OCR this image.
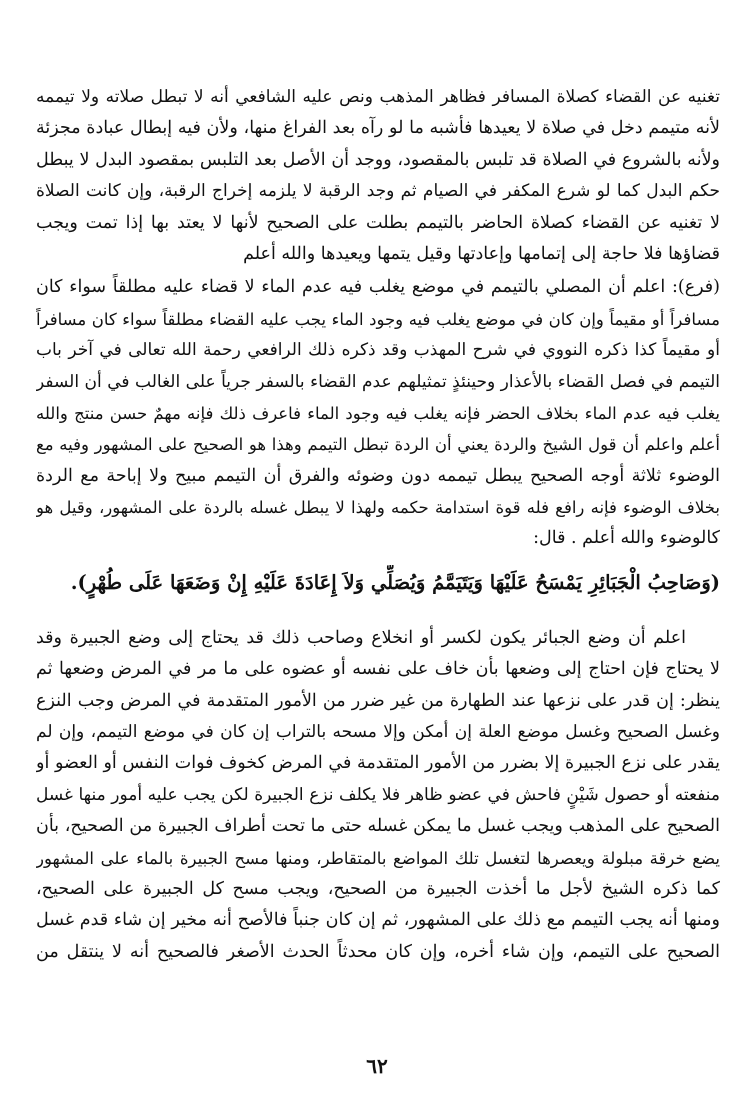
تغنيه عن القضاء كصلاة المسافر فظاهر المذهب ونص عليه الشافعي أنه لا تبطل صلاته ولا تيممه
لأنه متيمم دخل في صلاة لا يعيدها فأشبه ما لو رآه بعد الفراغ منها، ولأن فيه إبطال عبادة مجزئة
ولأنه بالشروع في الصلاة قد تلبس بالمقصود، ووجد أن الأصل بعد التلبس بمقصود البدل لا يبطل
حكم البدل كما لو شرع المكفر في الصيام ثم وجد الرقبة لا يلزمه إخراج الرقبة، وإن كانت الصلاة
لا تغنيه عن القضاء كصلاة الحاضر بالتيمم بطلت على الصحيح لأنها لا يعتد بها إذا تمت ويجب
قضاؤها فلا حاجة إلى إتمامها وإعادتها وقيل يتمها ويعيدها والله أعلم
(فرع): اعلم أن المصلي بالتيمم في موضع يغلب فيه عدم الماء لا قضاء عليه مطلقاً سواء كان
مسافراً أو مقيماً وإن كان في موضع يغلب فيه وجود الماء يجب عليه القضاء مطلقاً سواء كان مسافراً
أو مقيماً كذا ذكره النووي في شرح المهذب وقد ذكره ذلك الرافعي رحمة الله تعالى في آخر باب
التيمم في فصل القضاء بالأعذار وحينئذٍ تمثيلهم عدم القضاء بالسفر جرياً على الغالب في أن السفر
يغلب فيه عدم الماء بخلاف الحضر فإنه يغلب فيه وجود الماء فاعرف ذلك فإنه مهمٌ حسن منتج والله
أعلم واعلم أن قول الشيخ والردة يعني أن الردة تبطل التيمم وهذا هو الصحيح على المشهور وفيه مع
الوضوء ثلاثة أوجه الصحيح يبطل تيممه دون وضوئه والفرق أن التيمم مبيح ولا إباحة مع الردة
بخلاف الوضوء فإنه رافع فله قوة استدامة حكمه ولهذا لا يبطل غسله بالردة على المشهور، وقيل هو
كالوضوء والله أعلم . قال:
(وَصَاحِبُ الْجَبَائِرِ يَمْسَحُ عَلَيْهَا وَيَتَيَمَّمُ وَيُصَلِّي وَلاَ إِعَادَةَ عَلَيْهِ إِنْ وَضَعَهَا عَلَى طُهْرٍ).
اعلم أن وضع الجبائر يكون لكسر أو انخلاع وصاحب ذلك قد يحتاج إلى وضع الجبيرة وقد
لا يحتاج فإن احتاج إلى وضعها بأن خاف على نفسه أو عضوه على ما مر في المرض وضعها ثم
ينظر: إن قدر على نزعها عند الطهارة من غير ضرر من الأمور المتقدمة في المرض وجب النزع
وغسل الصحيح وغسل موضع العلة إن أمكن وإلا مسحه بالتراب إن كان في موضع التيمم، وإن لم
يقدر على نزع الجبيرة إلا بضرر من الأمور المتقدمة في المرض كخوف فوات النفس أو العضو أو
منفعته أو حصول شَيْنٍ فاحش في عضو ظاهر فلا يكلف نزع الجبيرة لكن يجب عليه أمور منها غسل
الصحيح على المذهب ويجب غسل ما يمكن غسله حتى ما تحت أطراف الجبيرة من الصحيح، بأن
يضع خرقة مبلولة ويعصرها لتغسل تلك المواضع بالمتقاطر، ومنها مسح الجبيرة بالماء على المشهور
كما ذكره الشيخ لأجل ما أخذت الجبيرة من الصحيح، ويجب مسح كل الجبيرة على الصحيح،
ومنها أنه يجب التيمم مع ذلك على المشهور، ثم إن كان جنباً فالأصح أنه مخير إن شاء قدم غسل
الصحيح على التيمم، وإن شاء أخره، وإن كان محدثاً الحدث الأصغر فالصحيح أنه لا ينتقل من
٦٢
